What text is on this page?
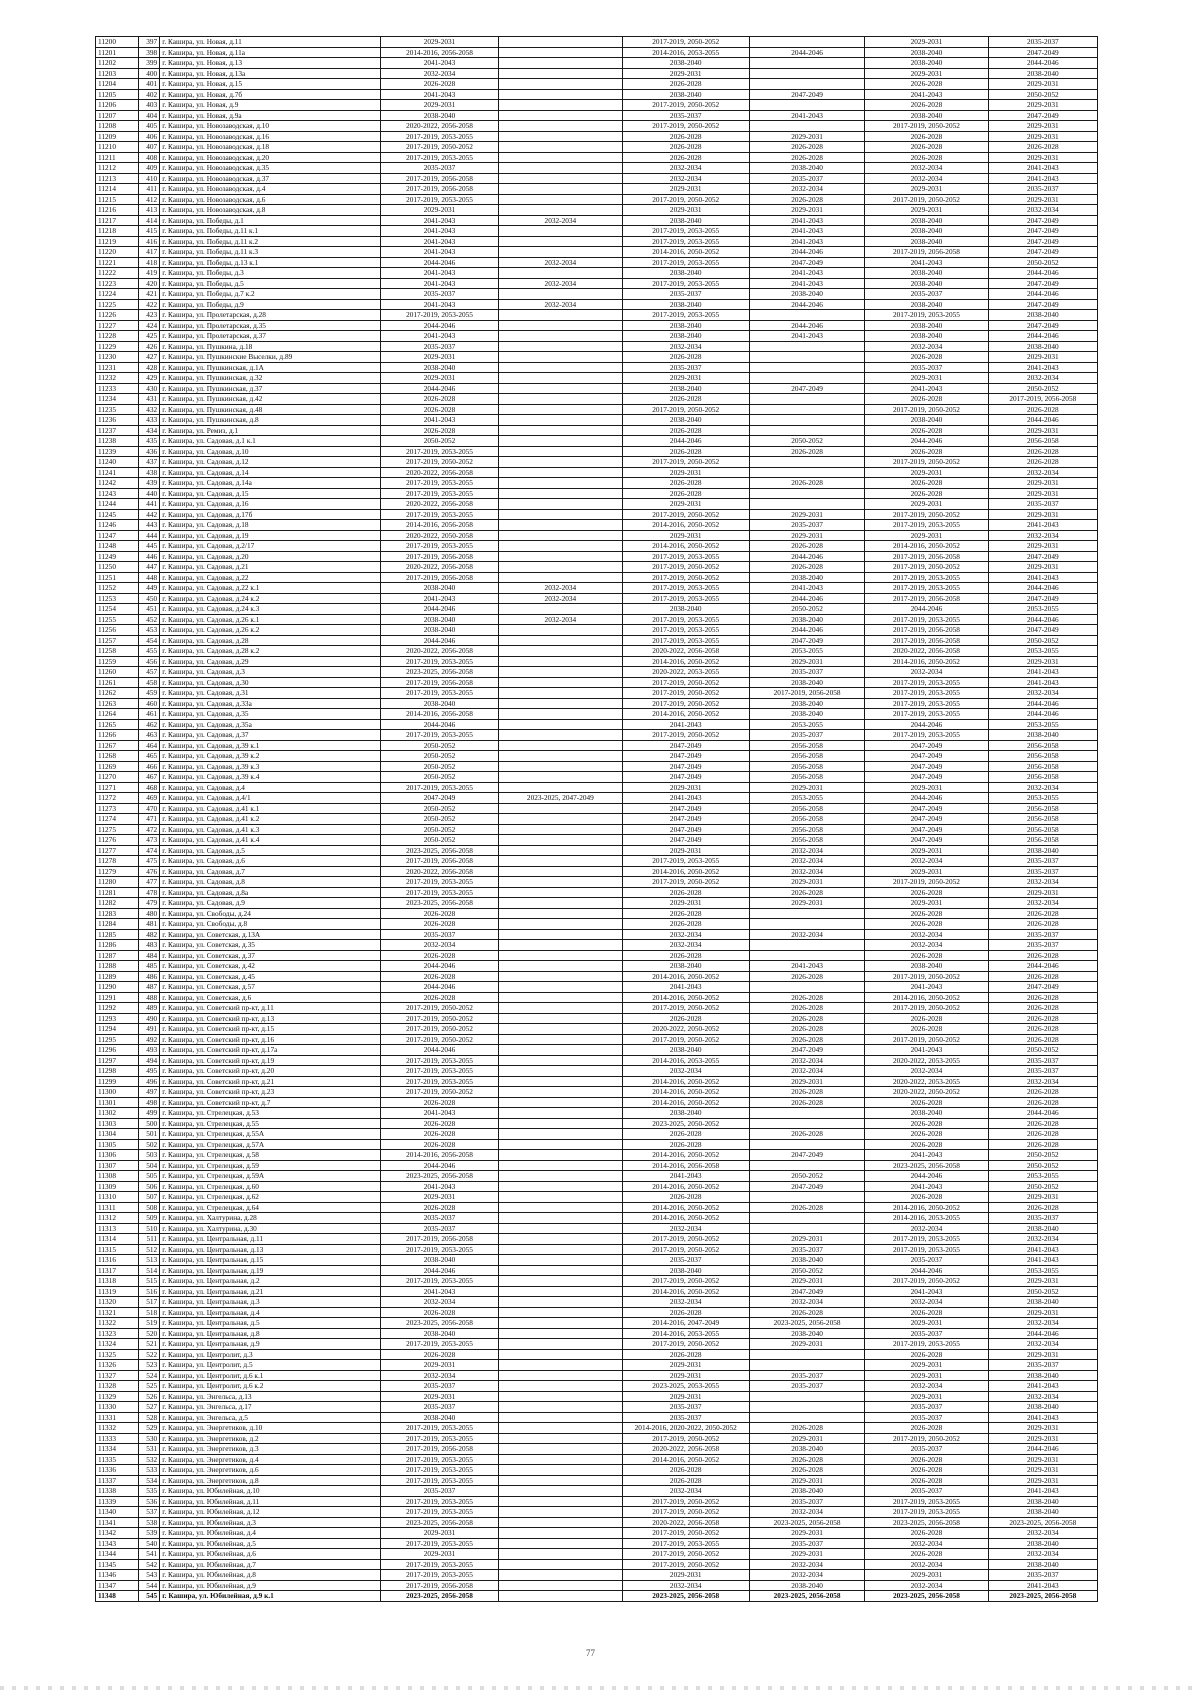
11200	397	г. Кашира, ул. Новая, д.11	2029-2031		2017-2019, 2050-2052		2029-2031	2035-2037
11201	398	г. Кашира, ул. Новая, д.11а	2014-2016, 2056-2058		2014-2016, 2053-2055	2044-2046	2038-2040	2047-2049
11202	399	г. Кашира, ул. Новая, д.13	2041-2043		2038-2040		2038-2040	2044-2046
11203	400	г. Кашира, ул. Новая, д.13а	2032-2034		2029-2031		2029-2031	2038-2040
11204	401	г. Кашира, ул. Новая, д.15	2026-2028		2026-2028		2026-2028	2029-2031
11205	402	г. Кашира, ул. Новая, д.7б	2041-2043		2038-2040	2047-2049	2041-2043	2050-2052
11206	403	г. Кашира, ул. Новая, д.9	2029-2031		2017-2019, 2050-2052		2026-2028	2029-2031
11207	404	г. Кашира, ул. Новая, д.9а	2038-2040		2035-2037	2041-2043	2038-2040	2047-2049
11208	405	г. Кашира, ул. Новозаводская, д.10	2020-2022, 2056-2058		2017-2019, 2050-2052		2017-2019, 2050-2052	2029-2031
11209	406	г. Кашира, ул. Новозаводская, д.16	2017-2019, 2053-2055		2026-2028	2029-2031	2026-2028	2029-2031
11210	407	г. Кашира, ул. Новозаводская, д.18	2017-2019, 2050-2052		2026-2028	2026-2028	2026-2028	2026-2028
11211	408	г. Кашира, ул. Новозаводская, д.20	2017-2019, 2053-2055		2026-2028	2026-2028	2026-2028	2029-2031
11212	409	г. Кашира, ул. Новозаводская, д.35	2035-2037		2032-2034	2038-2040	2032-2034	2041-2043
11213	410	г. Кашира, ул. Новозаводская, д.37	2017-2019, 2056-2058		2032-2034	2035-2037	2032-2034	2041-2043
11214	411	г. Кашира, ул. Новозаводская, д.4	2017-2019, 2056-2058		2029-2031	2032-2034	2029-2031	2035-2037
11215	412	г. Кашира, ул. Новозаводская, д.6	2017-2019, 2053-2055		2017-2019, 2050-2052	2026-2028	2017-2019, 2050-2052	2029-2031
11216	413	г. Кашира, ул. Новозаводская, д.8	2029-2031		2029-2031	2029-2031	2029-2031	2032-2034
11217	414	г. Кашира, ул. Победы, д.1	2041-2043	2032-2034	2038-2040	2041-2043	2038-2040	2047-2049
11218	415	г. Кашира, ул. Победы, д.11 к.1	2041-2043		2017-2019, 2053-2055	2041-2043	2038-2040	2047-2049
11219	416	г. Кашира, ул. Победы, д.11 к.2	2041-2043		2017-2019, 2053-2055	2041-2043	2038-2040	2047-2049
11220	417	г. Кашира, ул. Победы, д.11 к.3	2041-2043		2014-2016, 2050-2052	2044-2046	2017-2019, 2056-2058	2047-2049
11221	418	г. Кашира, ул. Победы, д.13 к.1	2044-2046	2032-2034	2017-2019, 2053-2055	2047-2049	2041-2043	2050-2052
11222	419	г. Кашира, ул. Победы, д.3	2041-2043		2038-2040	2041-2043	2038-2040	2044-2046
11223	420	г. Кашира, ул. Победы, д.5	2041-2043	2032-2034	2017-2019, 2053-2055	2041-2043	2038-2040	2047-2049
11224	421	г. Кашира, ул. Победы, д.7 к.2	2035-2037		2035-2037	2038-2040	2035-2037	2044-2046
11225	422	г. Кашира, ул. Победы, д.9	2041-2043	2032-2034	2038-2040	2044-2046	2038-2040	2047-2049
11226	423	г. Кашира, ул. Пролетарская, д.28	2017-2019, 2053-2055		2017-2019, 2053-2055		2017-2019, 2053-2055	2038-2040
11227	424	г. Кашира, ул. Пролетарская, д.35	2044-2046		2038-2040	2044-2046	2038-2040	2047-2049
11228	425	г. Кашира, ул. Пролетарская, д.37	2041-2043		2038-2040	2041-2043	2038-2040	2044-2046
11229	426	г. Кашира, ул. Пушкина, д.18	2035-2037		2032-2034		2032-2034	2038-2040
11230	427	г. Кашира, ул. Пушкинские Выселки, д.89	2029-2031		2026-2028		2026-2028	2029-2031
11231	428	г. Кашира, ул. Пушкинская, д.1А	2038-2040		2035-2037		2035-2037	2041-2043
11232	429	г. Кашира, ул. Пушкинская, д.32	2029-2031		2029-2031		2029-2031	2032-2034
11233	430	г. Кашира, ул. Пушкинская, д.37	2044-2046		2038-2040	2047-2049	2041-2043	2050-2052
11234	431	г. Кашира, ул. Пушкинская, д.42	2026-2028		2026-2028		2026-2028	2017-2019, 2056-2058
11235	432	г. Кашира, ул. Пушкинская, д.48	2026-2028		2017-2019, 2050-2052		2017-2019, 2050-2052	2026-2028
11236	433	г. Кашира, ул. Пушкинская, д.8	2041-2043		2038-2040		2038-2040	2044-2046
11237	434	г. Кашира, ул. Ремиз, д.1	2026-2028		2026-2028		2026-2028	2029-2031
11238	435	г. Кашира, ул. Садовая, д.1 к.1	2050-2052		2044-2046	2050-2052	2044-2046	2056-2058
11239	436	г. Кашира, ул. Садовая, д.10	2017-2019, 2053-2055		2026-2028	2026-2028	2026-2028	2026-2028
11240	437	г. Кашира, ул. Садовая, д.12	2017-2019, 2050-2052		2017-2019, 2050-2052		2017-2019, 2050-2052	2026-2028
11241	438	г. Кашира, ул. Садовая, д.14	2020-2022, 2056-2058		2029-2031		2029-2031	2032-2034
11242	439	г. Кашира, ул. Садовая, д.14а	2017-2019, 2053-2055		2026-2028	2026-2028	2026-2028	2029-2031
11243	440	г. Кашира, ул. Садовая, д.15	2017-2019, 2053-2055		2026-2028		2026-2028	2029-2031
11244	441	г. Кашира, ул. Садовая, д.16	2020-2022, 2056-2058		2029-2031		2029-2031	2035-2037
11245	442	г. Кашира, ул. Садовая, д.17б	2017-2019, 2053-2055		2017-2019, 2050-2052	2029-2031	2017-2019, 2050-2052	2029-2031
11246	443	г. Кашира, ул. Садовая, д.18	2014-2016, 2056-2058		2014-2016, 2050-2052	2035-2037	2017-2019, 2053-2055	2041-2043
11247	444	г. Кашира, ул. Садовая, д.19	2020-2022, 2050-2058		2029-2031	2029-2031	2029-2031	2032-2034
11248	445	г. Кашира, ул. Садовая, д.2/17	2017-2019, 2053-2055		2014-2016, 2050-2052	2026-2028	2014-2016, 2050-2052	2029-2031
11249	446	г. Кашира, ул. Садовая, д.20	2017-2019, 2056-2058		2017-2019, 2053-2055	2044-2046	2017-2019, 2056-2058	2047-2049
11250	447	г. Кашира, ул. Садовая, д.21	2020-2022, 2056-2058		2017-2019, 2050-2052	2026-2028	2017-2019, 2050-2052	2029-2031
11251	448	г. Кашира, ул. Садовая, д.22	2017-2019, 2056-2058		2017-2019, 2050-2052	2038-2040	2017-2019, 2053-2055	2041-2043
11252	449	г. Кашира, ул. Садовая, д.22 к.1	2038-2040	2032-2034	2017-2019, 2053-2055	2041-2043	2017-2019, 2053-2055	2044-2046
11253	450	г. Кашира, ул. Садовая, д.24 к.2	2041-2043	2032-2034	2017-2019, 2053-2055	2044-2046	2017-2019, 2056-2058	2047-2049
11254	451	г. Кашира, ул. Садовая, д.24 к.3	2044-2046		2038-2040	2050-2052	2044-2046	2053-2055
11255	452	г. Кашира, ул. Садовая, д.26 к.1	2038-2040	2032-2034	2017-2019, 2053-2055	2038-2040	2017-2019, 2053-2055	2044-2046
11256	453	г. Кашира, ул. Садовая, д.26 к.2	2038-2040		2017-2019, 2053-2055	2044-2046	2017-2019, 2056-2058	2047-2049
11257	454	г. Кашира, ул. Садовая, д.28	2044-2046		2017-2019, 2053-2055	2047-2049	2017-2019, 2056-2058	2050-2052
11258	455	г. Кашира, ул. Садовая, д.28 к.2	2020-2022, 2056-2058		2020-2022, 2056-2058	2053-2055	2020-2022, 2056-2058	2053-2055
11259	456	г. Кашира, ул. Садовая, д.29	2017-2019, 2053-2055		2014-2016, 2050-2052	2029-2031	2014-2016, 2050-2052	2029-2031
11260	457	г. Кашира, ул. Садовая, д.3	2023-2025, 2056-2058		2020-2022, 2053-2055	2035-2037	2032-2034	2041-2043
11261	458	г. Кашира, ул. Садовая, д.30	2017-2019, 2056-2058		2017-2019, 2050-2052	2038-2040	2017-2019, 2053-2055	2041-2043
11262	459	г. Кашира, ул. Садовая, д.31	2017-2019, 2053-2055		2017-2019, 2050-2052	2017-2019, 2056-2058	2017-2019, 2053-2055	2032-2034
11263	460	г. Кашира, ул. Садовая, д.33а	2038-2040		2017-2019, 2050-2052	2038-2040	2017-2019, 2053-2055	2044-2046
11264	461	г. Кашира, ул. Садовая, д.35	2014-2016, 2056-2058		2014-2016, 2050-2052	2038-2040	2017-2019, 2053-2055	2044-2046
11265	462	г. Кашира, ул. Садовая, д.35а	2044-2046		2041-2043	2053-2055	2044-2046	2053-2055
11266	463	г. Кашира, ул. Садовая, д.37	2017-2019, 2053-2055		2017-2019, 2050-2052	2035-2037	2017-2019, 2053-2055	2038-2040
11267	464	г. Кашира, ул. Садовая, д.39 к.1	2050-2052		2047-2049	2056-2058	2047-2049	2056-2058
11268	465	г. Кашира, ул. Садовая, д.39 к.2	2050-2052		2047-2049	2056-2058	2047-2049	2056-2058
11269	466	г. Кашира, ул. Садовая, д.39 к.3	2050-2052		2047-2049	2056-2058	2047-2049	2056-2058
11270	467	г. Кашира, ул. Садовая, д.39 к.4	2050-2052		2047-2049	2056-2058	2047-2049	2056-2058
11271	468	г. Кашира, ул. Садовая, д.4	2017-2019, 2053-2055		2029-2031	2029-2031	2029-2031	2032-2034
11272	469	г. Кашира, ул. Садовая, д.4/1	2047-2049	2023-2025, 2047-2049	2041-2043	2053-2055	2044-2046	2053-2055
11273	470	г. Кашира, ул. Садовая, д.41 к.1	2050-2052		2047-2049	2056-2058	2047-2049	2056-2058
11274	471	г. Кашира, ул. Садовая, д.41 к.2	2050-2052		2047-2049	2056-2058	2047-2049	2056-2058
11275	472	г. Кашира, ул. Садовая, д.41 к.3	2050-2052		2047-2049	2056-2058	2047-2049	2056-2058
11276	473	г. Кашира, ул. Садовая, д.41 к.4	2050-2052		2047-2049	2056-2058	2047-2049	2056-2058
11277	474	г. Кашира, ул. Садовая, д.5	2023-2025, 2056-2058		2029-2031	2032-2034	2029-2031	2038-2040
11278	475	г. Кашира, ул. Садовая, д.6	2017-2019, 2056-2058		2017-2019, 2053-2055	2032-2034	2032-2034	2035-2037
11279	476	г. Кашира, ул. Садовая, д.7	2020-2022, 2056-2058		2014-2016, 2050-2052	2032-2034	2029-2031	2035-2037
11280	477	г. Кашира, ул. Садовая, д.8	2017-2019, 2053-2055		2017-2019, 2050-2052	2029-2031	2017-2019, 2050-2052	2032-2034
11281	478	г. Кашира, ул. Садовая, д.8а	2017-2019, 2053-2055		2026-2028	2026-2028	2026-2028	2029-2031
11282	479	г. Кашира, ул. Садовая, д.9	2023-2025, 2056-2058		2029-2031	2029-2031	2029-2031	2032-2034
11283	480	г. Кашира, ул. Свободы, д.24	2026-2028		2026-2028		2026-2028	2026-2028
11284	481	г. Кашира, ул. Свободы, д.8	2026-2028		2026-2028		2026-2028	2026-2028
11285	482	г. Кашира, ул. Советская, д.13А	2035-2037		2032-2034	2032-2034	2032-2034	2035-2037
11286	483	г. Кашира, ул. Советская, д.35	2032-2034		2032-2034		2032-2034	2035-2037
11287	484	г. Кашира, ул. Советская, д.37	2026-2028		2026-2028		2026-2028	2026-2028
11288	485	г. Кашира, ул. Советская, д.42	2044-2046		2038-2040	2041-2043	2038-2040	2044-2046
11289	486	г. Кашира, ул. Советская, д.45	2026-2028		2014-2016, 2050-2052	2026-2028	2017-2019, 2050-2052	2026-2028
11290	487	г. Кашира, ул. Советская, д.57	2044-2046		2041-2043		2041-2043	2047-2049
11291	488	г. Кашира, ул. Советская, д.6	2026-2028		2014-2016, 2050-2052	2026-2028	2014-2016, 2050-2052	2026-2028
11292	489	г. Кашира, ул. Советский пр-кт, д.11	2017-2019, 2050-2052		2017-2019, 2050-2052	2026-2028	2017-2019, 2050-2052	2026-2028
11293	490	г. Кашира, ул. Советский пр-кт, д.13	2017-2019, 2050-2052		2026-2028	2026-2028	2026-2028	2026-2028
11294	491	г. Кашира, ул. Советский пр-кт, д.15	2017-2019, 2050-2052		2020-2022, 2050-2052	2026-2028	2026-2028	2026-2028
11295	492	г. Кашира, ул. Советский пр-кт, д.16	2017-2019, 2050-2052		2017-2019, 2050-2052	2026-2028	2017-2019, 2050-2052	2026-2028
11296	493	г. Кашира, ул. Советский пр-кт, д.17а	2044-2046		2038-2040	2047-2049	2041-2043	2050-2052
11297	494	г. Кашира, ул. Советский пр-кт, д.19	2017-2019, 2053-2055		2014-2016, 2053-2055	2032-2034	2020-2022, 2053-2055	2035-2037
11298	495	г. Кашира, ул. Советский пр-кт, д.20	2017-2019, 2053-2055		2032-2034	2032-2034	2032-2034	2035-2037
11299	496	г. Кашира, ул. Советский пр-кт, д.21	2017-2019, 2053-2055		2014-2016, 2050-2052	2029-2031	2020-2022, 2053-2055	2032-2034
11300	497	г. Кашира, ул. Советский пр-кт, д.23	2017-2019, 2050-2052		2014-2016, 2050-2052	2026-2028	2020-2022, 2050-2052	2026-2028
11301	498	г. Кашира, ул. Советский пр-кт, д.7	2026-2028		2014-2016, 2050-2052	2026-2028	2026-2028	2026-2028
11302	499	г. Кашира, ул. Стрелецкая, д.53	2041-2043		2038-2040		2038-2040	2044-2046
11303	500	г. Кашира, ул. Стрелецкая, д.55	2026-2028		2023-2025, 2050-2052		2026-2028	2026-2028
11304	501	г. Кашира, ул. Стрелецкая, д.55А	2026-2028		2026-2028	2026-2028	2026-2028	2026-2028
11305	502	г. Кашира, ул. Стрелецкая, д.57А	2026-2028		2026-2028		2026-2028	2026-2028
11306	503	г. Кашира, ул. Стрелецкая, д.58	2014-2016, 2056-2058		2014-2016, 2050-2052	2047-2049	2041-2043	2050-2052
11307	504	г. Кашира, ул. Стрелецкая, д.59	2044-2046		2014-2016, 2056-2058		2023-2025, 2056-2058	2050-2052
11308	505	г. Кашира, ул. Стрелецкая, д.59А	2023-2025, 2056-2058		2041-2043	2050-2052	2044-2046	2053-2055
11309	506	г. Кашира, ул. Стрелецкая, д.60	2041-2043		2014-2016, 2050-2052	2047-2049	2041-2043	2050-2052
11310	507	г. Кашира, ул. Стрелецкая, д.62	2029-2031		2026-2028		2026-2028	2029-2031
11311	508	г. Кашира, ул. Стрелецкая, д.64	2026-2028		2014-2016, 2050-2052	2026-2028	2014-2016, 2050-2052	2026-2028
11312	509	г. Кашира, ул. Халтурина, д.28	2035-2037		2014-2016, 2050-2052		2014-2016, 2053-2055	2035-2037
11313	510	г. Кашира, ул. Халтурина, д.30	2035-2037		2032-2034		2032-2034	2038-2040
11314	511	г. Кашира, ул. Центральная, д.11	2017-2019, 2056-2058		2017-2019, 2050-2052	2029-2031	2017-2019, 2053-2055	2032-2034
11315	512	г. Кашира, ул. Центральная, д.13	2017-2019, 2053-2055		2017-2019, 2050-2052	2035-2037	2017-2019, 2053-2055	2041-2043
11316	513	г. Кашира, ул. Центральная, д.15	2038-2040		2035-2037	2038-2040	2035-2037	2041-2043
11317	514	г. Кашира, ул. Центральная, д.19	2044-2046		2038-2040	2050-2052	2044-2046	2053-2055
11318	515	г. Кашира, ул. Центральная, д.2	2017-2019, 2053-2055		2017-2019, 2050-2052	2029-2031	2017-2019, 2050-2052	2029-2031
11319	516	г. Кашира, ул. Центральная, д.21	2041-2043		2014-2016, 2050-2052	2047-2049	2041-2043	2050-2052
11320	517	г. Кашира, ул. Центральная, д.3	2032-2034		2032-2034	2032-2034	2032-2034	2038-2040
11321	518	г. Кашира, ул. Центральная, д.4	2026-2028		2026-2028	2026-2028	2026-2028	2029-2031
11322	519	г. Кашира, ул. Центральная, д.5	2023-2025, 2056-2058		2014-2016, 2047-2049	2023-2025, 2056-2058	2029-2031	2032-2034
11323	520	г. Кашира, ул. Центральная, д.8	2038-2040		2014-2016, 2053-2055	2038-2040	2035-2037	2044-2046
11324	521	г. Кашира, ул. Центральная, д.9	2017-2019, 2053-2055		2017-2019, 2050-2052	2029-2031	2017-2019, 2053-2055	2032-2034
11325	522	г. Кашира, ул. Центролит, д.3	2026-2028		2026-2028		2026-2028	2029-2031
11326	523	г. Кашира, ул. Центролит, д.5	2029-2031		2029-2031		2029-2031	2035-2037
11327	524	г. Кашира, ул. Центролит, д.6 к.1	2032-2034		2029-2031	2035-2037	2029-2031	2038-2040
11328	525	г. Кашира, ул. Центролит, д.6 к.2	2035-2037		2023-2025, 2053-2055	2035-2037	2032-2034	2041-2043
11329	526	г. Кашира, ул. Энгельса, д.13	2029-2031		2029-2031		2029-2031	2032-2034
11330	527	г. Кашира, ул. Энгельса, д.17	2035-2037		2035-2037		2035-2037	2038-2040
11331	528	г. Кашира, ул. Энгельса, д.5	2038-2040		2035-2037		2035-2037	2041-2043
11332	529	г. Кашира, ул. Энергетиков, д.10	2017-2019, 2053-2055		2014-2016, 2020-2022, 2050-2052	2026-2028	2026-2028	2029-2031
11333	530	г. Кашира, ул. Энергетиков, д.2	2017-2019, 2053-2055		2017-2019, 2050-2052	2029-2031	2017-2019, 2050-2052	2029-2031
11334	531	г. Кашира, ул. Энергетиков, д.3	2017-2019, 2056-2058		2020-2022, 2056-2058	2038-2040	2035-2037	2044-2046
11335	532	г. Кашира, ул. Энергетиков, д.4	2017-2019, 2053-2055		2014-2016, 2050-2052	2026-2028	2026-2028	2029-2031
11336	533	г. Кашира, ул. Энергетиков, д.6	2017-2019, 2053-2055		2026-2028	2026-2028	2026-2028	2029-2031
11337	534	г. Кашира, ул. Энергетиков, д.8	2017-2019, 2053-2055		2026-2028	2029-2031	2026-2028	2029-2031
11338	535	г. Кашира, ул. Юбилейная, д.10	2035-2037		2032-2034	2038-2040	2035-2037	2041-2043
11339	536	г. Кашира, ул. Юбилейная, д.11	2017-2019, 2053-2055		2017-2019, 2050-2052	2035-2037	2017-2019, 2053-2055	2038-2040
11340	537	г. Кашира, ул. Юбилейная, д.12	2017-2019, 2053-2055		2017-2019, 2050-2052	2032-2034	2017-2019, 2053-2055	2038-2040
11341	538	г. Кашира, ул. Юбилейная, д.3	2023-2025, 2056-2058		2020-2022, 2056-2058	2023-2025, 2056-2058	2023-2025, 2056-2058	2023-2025, 2056-2058
11342	539	г. Кашира, ул. Юбилейная, д.4	2029-2031		2017-2019, 2050-2052	2029-2031	2026-2028	2032-2034
11343	540	г. Кашира, ул. Юбилейная, д.5	2017-2019, 2053-2055		2017-2019, 2053-2055	2035-2037	2032-2034	2038-2040
11344	541	г. Кашира, ул. Юбилейная, д.6	2029-2031		2017-2019, 2050-2052	2029-2031	2026-2028	2032-2034
11345	542	г. Кашира, ул. Юбилейная, д.7	2017-2019, 2053-2055		2017-2019, 2050-2052	2032-2034	2032-2034	2038-2040
11346	543	г. Кашира, ул. Юбилейная, д.8	2017-2019, 2053-2055		2029-2031	2032-2034	2029-2031	2035-2037
11347	544	г. Кашира, ул. Юбилейная, д.9	2017-2019, 2056-2058		2032-2034	2038-2040	2032-2034	2041-2043
11348	545	г. Кашира, ул. Юбилейная, д.9 к.1	2023-2025, 2056-2058		2023-2025, 2056-2058	2023-2025, 2056-2058	2023-2025, 2056-2058	2023-2025, 2056-2058
77
